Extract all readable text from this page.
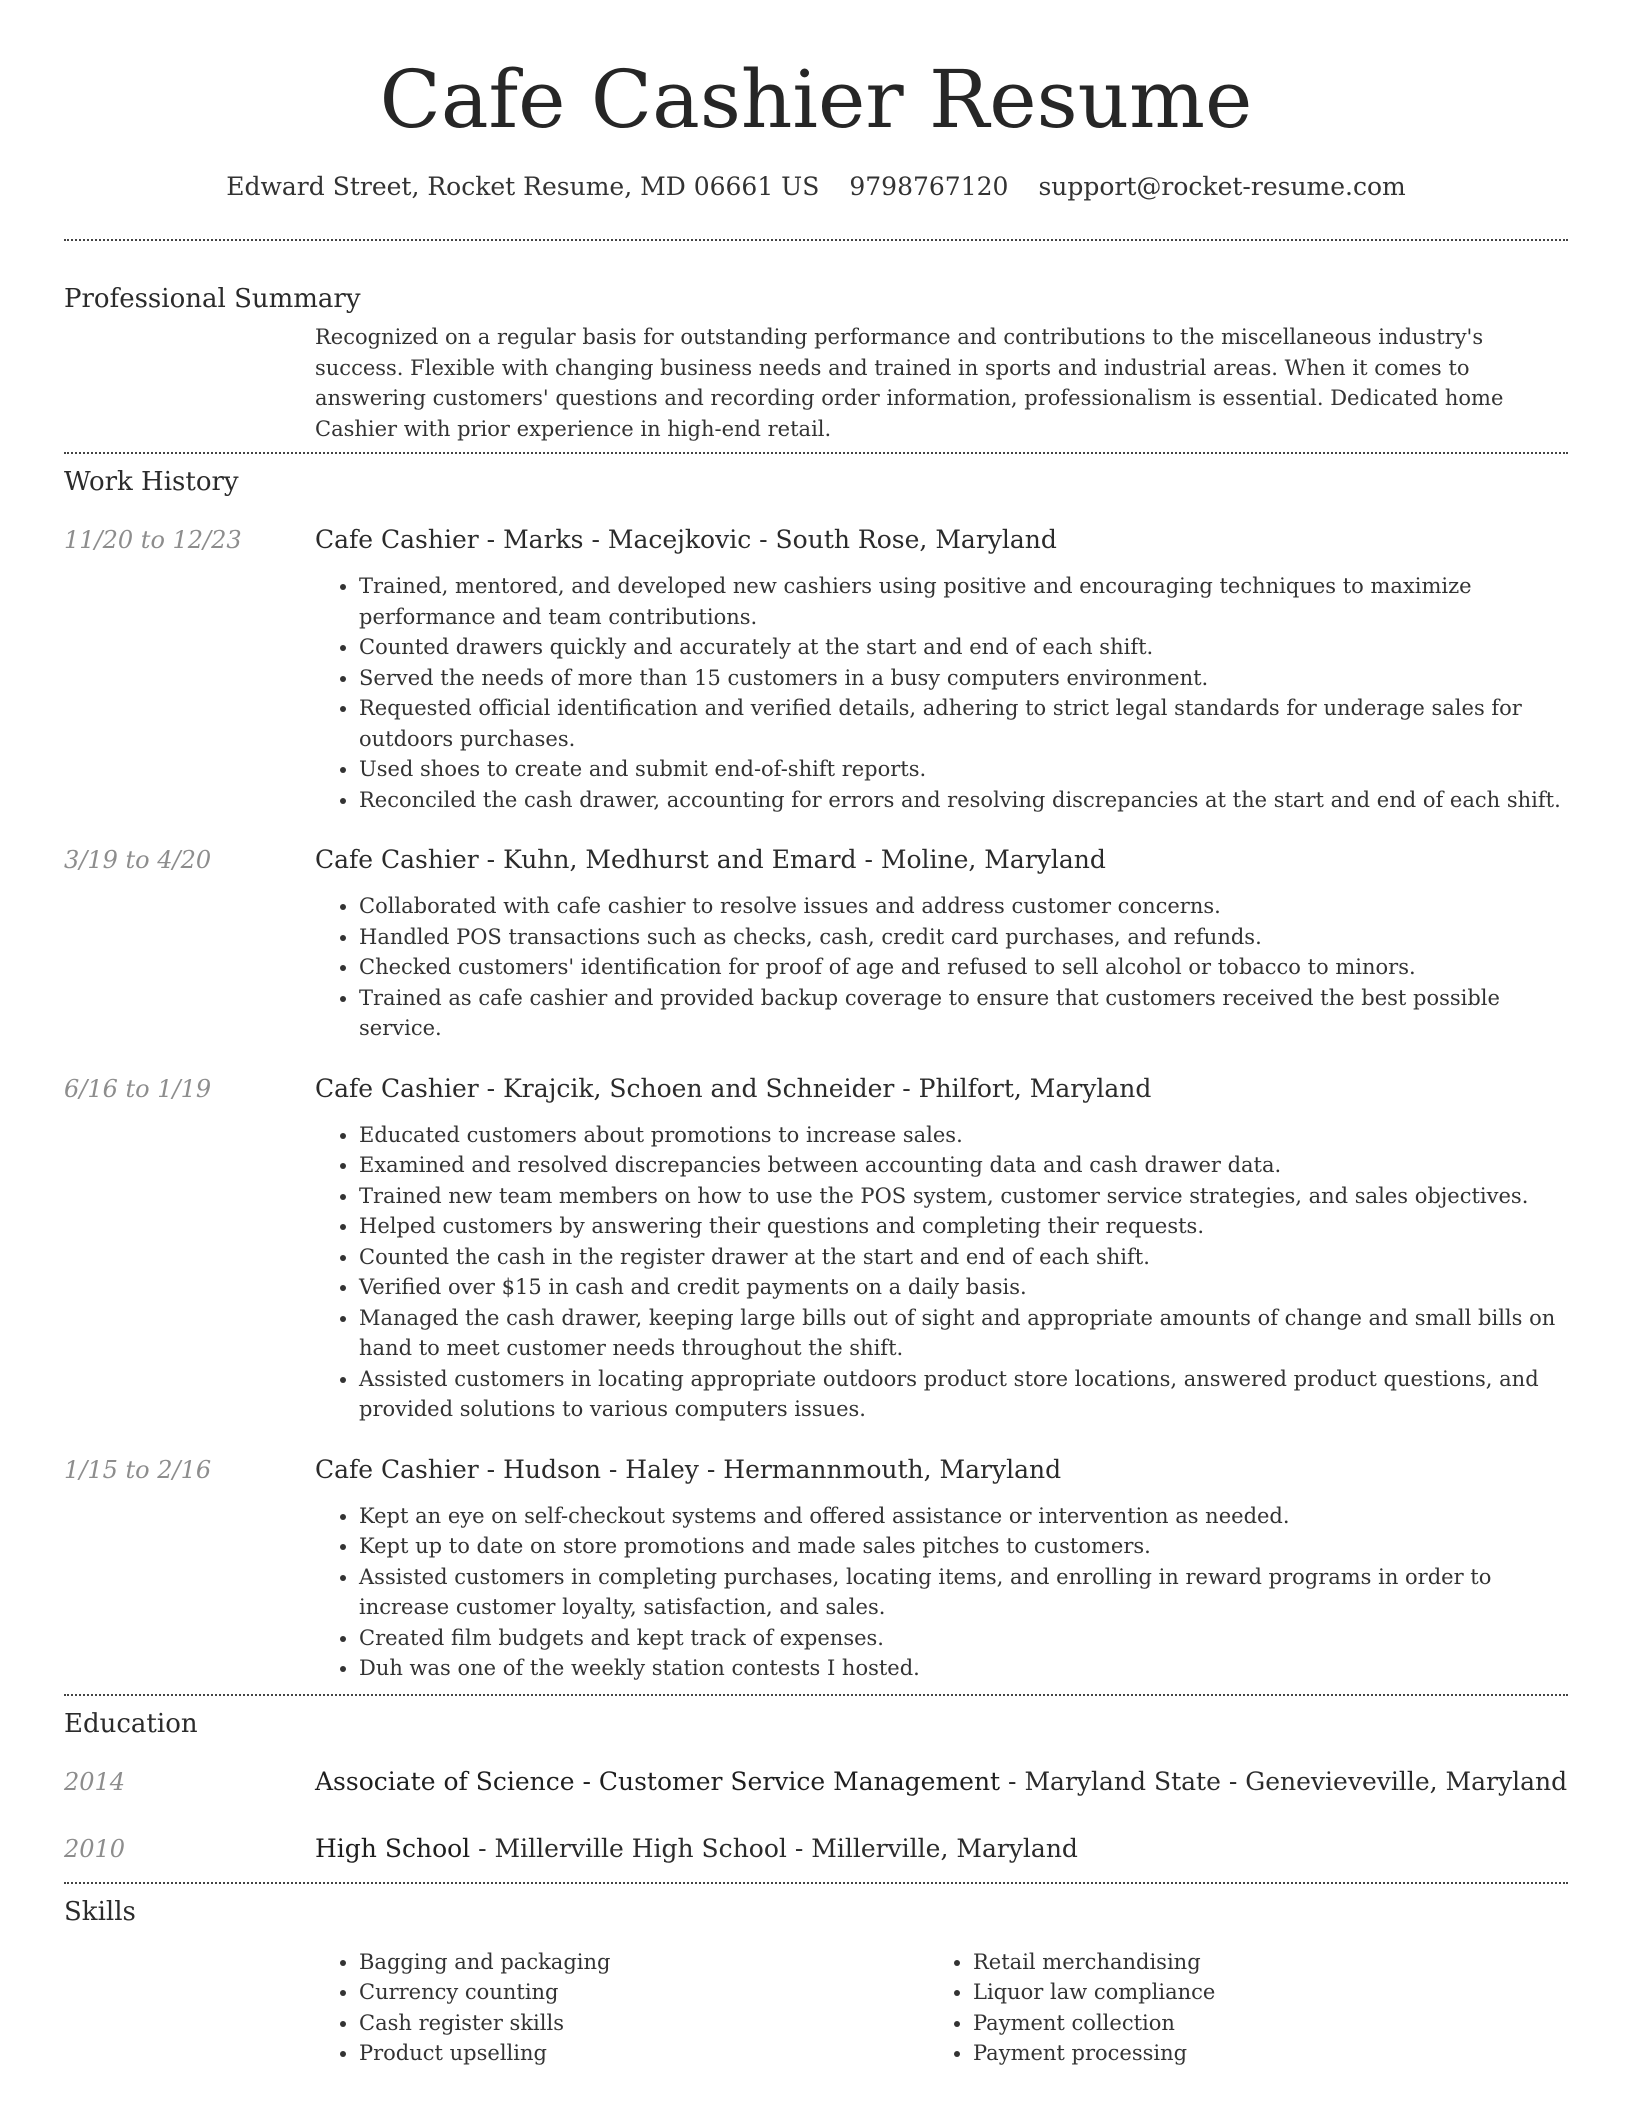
Cafe Cashier Resume
Edward Street, Rocket Resume, MD 06661 US 9798767120 support@rocket-resume.com
Professional Summary
Recognized on a regular basis for outstanding performance and contributions to the miscellaneous industry's success. Flexible with changing business needs and trained in sports and industrial areas. When it comes to answering customers' questions and recording order information, professionalism is essential. Dedicated home Cashier with prior experience in high-end retail.
Work History
11/20 to 12/23	Cafe Cashier - Marks - Macejkovic - South Rose, Maryland
• Trained, mentored, and developed new cashiers using positive and encouraging techniques to maximize performance and team contributions.
• Counted drawers quickly and accurately at the start and end of each shift.
• Served the needs of more than 15 customers in a busy computers environment.
• Requested official identification and verified details, adhering to strict legal standards for underage sales for outdoors purchases.
• Used shoes to create and submit end-of-shift reports.
• Reconciled the cash drawer, accounting for errors and resolving discrepancies at the start and end of each shift.
3/19 to 4/20	Cafe Cashier - Kuhn, Medhurst and Emard - Moline, Maryland
• Collaborated with cafe cashier to resolve issues and address customer concerns.
• Handled POS transactions such as checks, cash, credit card purchases, and refunds.
• Checked customers' identification for proof of age and refused to sell alcohol or tobacco to minors.
• Trained as cafe cashier and provided backup coverage to ensure that customers received the best possible service.
6/16 to 1/19	Cafe Cashier - Krajcik, Schoen and Schneider - Philfort, Maryland
• Educated customers about promotions to increase sales.
• Examined and resolved discrepancies between accounting data and cash drawer data.
• Trained new team members on how to use the POS system, customer service strategies, and sales objectives.
• Helped customers by answering their questions and completing their requests.
• Counted the cash in the register drawer at the start and end of each shift.
• Verified over $15 in cash and credit payments on a daily basis.
• Managed the cash drawer, keeping large bills out of sight and appropriate amounts of change and small bills on hand to meet customer needs throughout the shift.
• Assisted customers in locating appropriate outdoors product store locations, answered product questions, and provided solutions to various computers issues.
1/15 to 2/16	Cafe Cashier - Hudson - Haley - Hermannmouth, Maryland
• Kept an eye on self-checkout systems and offered assistance or intervention as needed.
• Kept up to date on store promotions and made sales pitches to customers.
• Assisted customers in completing purchases, locating items, and enrolling in reward programs in order to increase customer loyalty, satisfaction, and sales.
• Created film budgets and kept track of expenses.
• Duh was one of the weekly station contests I hosted.
Education
2014	Associate of Science - Customer Service Management - Maryland State - Genevieveville, Maryland
2010	High School - Millerville High School - Millerville, Maryland
Skills
• Bagging and packaging
• Currency counting
• Cash register skills
• Product upselling
• Retail merchandising
• Liquor law compliance
• Payment collection
• Payment processing
